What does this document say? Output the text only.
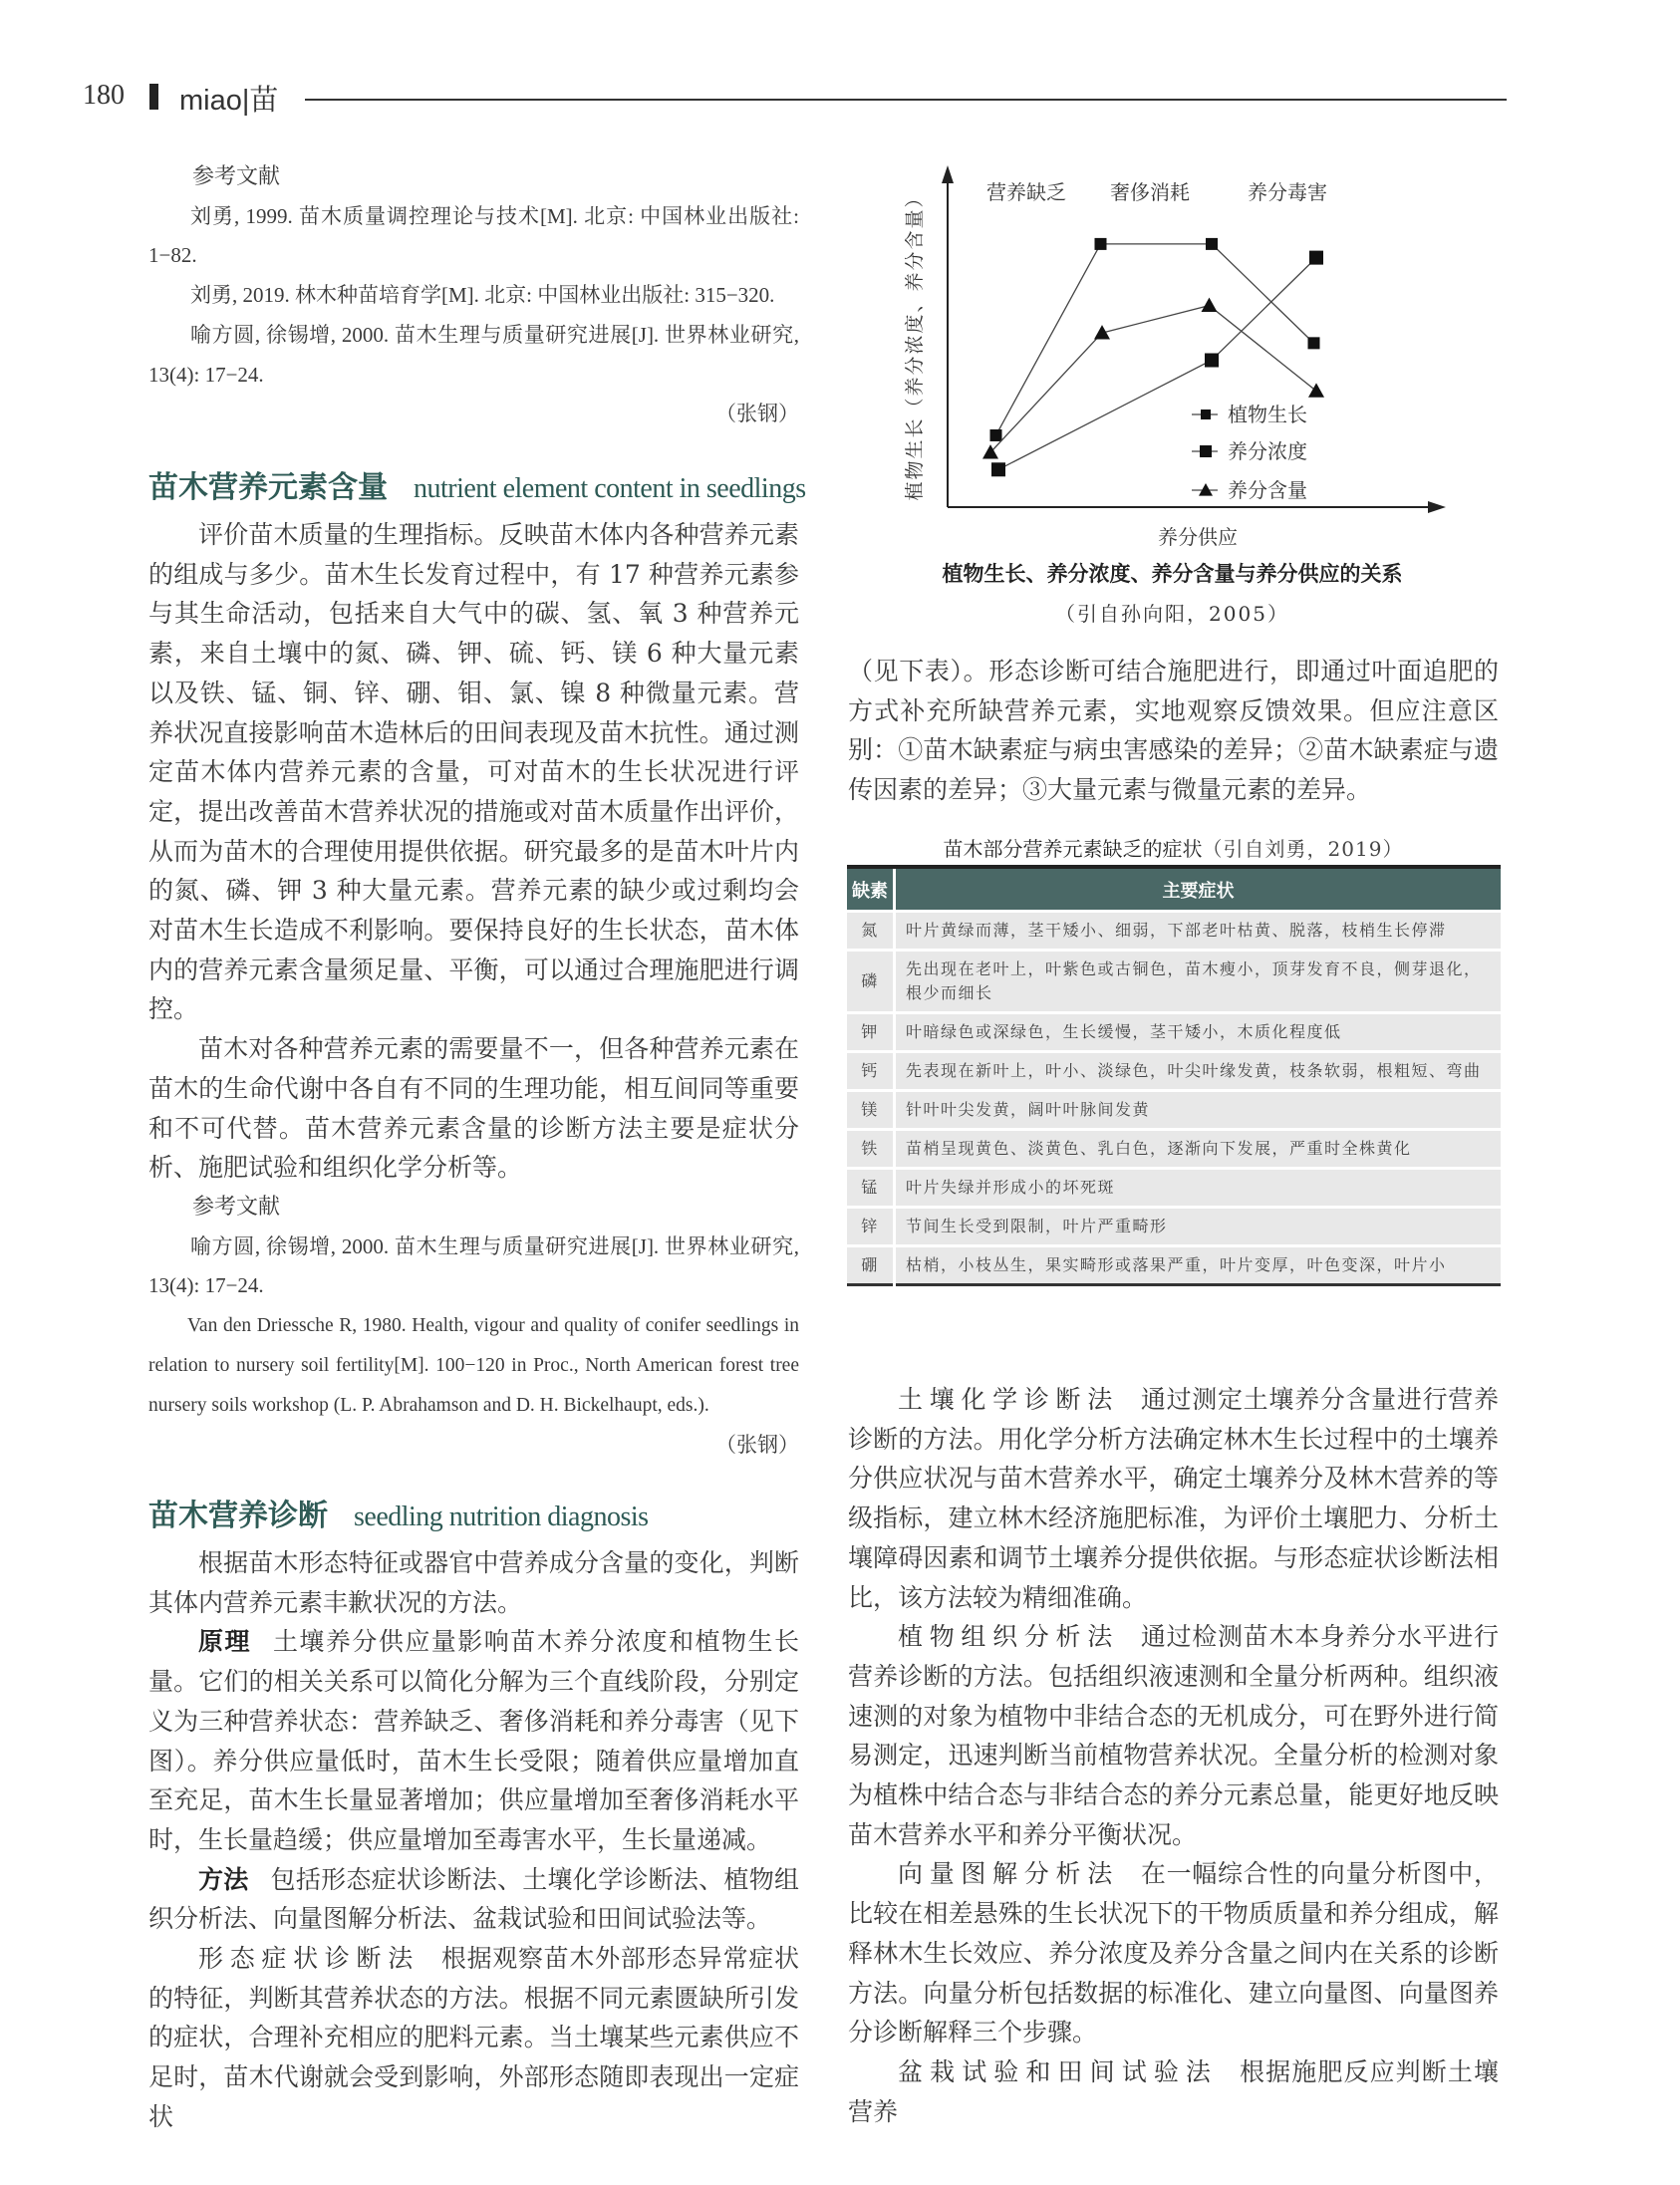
180 miao|苗

参考文献

刘勇, 1999. 苗木质量调控理论与技术[M]. 北京: 中国林业出版社: 1−82.

刘勇, 2019. 林木种苗培育学[M]. 北京: 中国林业出版社: 315−320.

喻方圆, 徐锡增, 2000. 苗木生理与质量研究进展[J]. 世界林业研究, 13(4): 17−24.

（张钢）

苗木营养元素含量 nutrient element content in seedlings

评价苗木质量的生理指标。反映苗木体内各种营养元素的组成与多少。苗木生长发育过程中，有 17 种营养元素参与其生命活动，包括来自大气中的碳、氢、氧 3 种营养元素，来自土壤中的氮、磷、钾、硫、钙、镁 6 种大量元素以及铁、锰、铜、锌、硼、钼、氯、镍 8 种微量元素。营养状况直接影响苗木造林后的田间表现及苗木抗性。通过测定苗木体内营养元素的含量，可对苗木的生长状况进行评定，提出改善苗木营养状况的措施或对苗木质量作出评价，从而为苗木的合理使用提供依据。研究最多的是苗木叶片内的氮、磷、钾 3 种大量元素。营养元素的缺少或过剩均会对苗木生长造成不利影响。要保持良好的生长状态，苗木体内的营养元素含量须足量、平衡，可以通过合理施肥进行调控。

苗木对各种营养元素的需要量不一，但各种营养元素在苗木的生命代谢中各自有不同的生理功能，相互间同等重要和不可代替。苗木营养元素含量的诊断方法主要是症状分析、施肥试验和组织化学分析等。

参考文献

喻方圆, 徐锡增, 2000. 苗木生理与质量研究进展[J]. 世界林业研究, 13(4): 17−24.

Van den Driessche R, 1980. Health, vigour and quality of conifer seedlings in relation to nursery soil fertility[M]. 100−120 in Proc., North American forest tree nursery soils workshop (L. P. Abrahamson and D. H. Bickelhaupt, eds.).

（张钢）

苗木营养诊断 seedling nutrition diagnosis

根据苗木形态特征或器官中营养成分含量的变化，判断其体内营养元素丰歉状况的方法。

原理 土壤养分供应量影响苗木养分浓度和植物生长量。它们的相关关系可以简化分解为三个直线阶段，分别定义为三种营养状态：营养缺乏、奢侈消耗和养分毒害（见下图）。养分供应量低时，苗木生长受限；随着供应量增加直至充足，苗木生长量显著增加；供应量增加至奢侈消耗水平时，生长量趋缓；供应量增加至毒害水平，生长量递减。

方法 包括形态症状诊断法、土壤化学诊断法、植物组织分析法、向量图解分析法、盆栽试验和田间试验法等。

形态症状诊断法 根据观察苗木外部形态异常症状的特征，判断其营养状态的方法。根据不同元素匮缺所引发的症状，合理补充相应的肥料元素。当土壤某些元素供应不足时，苗木代谢就会受到影响，外部形态随即表现出一定症状

营养缺乏 奢侈消耗	养分毒害
养分供应
植物生长（养分浓度、养分含量）	植物生长
养分浓度
养分含量
植物生长、养分浓度、养分含量与养分供应的关系
（引自孙向阳，2005）

（见下表）。形态诊断可结合施肥进行，即通过叶面追肥的方式补充所缺营养元素，实地观察反馈效果。但应注意区别：①苗木缺素症与病虫害感染的差异；②苗木缺素症与遗传因素的差异；③大量元素与微量元素的差异。

苗木部分营养元素缺乏的症状（引自刘勇，2019）
缺素	主要症状
氮	叶片黄绿而薄，茎干矮小、细弱，下部老叶枯黄、脱落，枝梢生长停滞
磷	先出现在老叶上，叶紫色或古铜色，苗木瘦小，顶芽发育不良，侧芽退化，根少而细长
钾	叶暗绿色或深绿色，生长缓慢，茎干矮小，木质化程度低
钙	先表现在新叶上，叶小、淡绿色，叶尖叶缘发黄，枝条软弱，根粗短、弯曲
镁	针叶叶尖发黄，阔叶叶脉间发黄
铁	苗梢呈现黄色、淡黄色、乳白色，逐渐向下发展，严重时全株黄化
锰	叶片失绿并形成小的坏死斑
锌	节间生长受到限制，叶片严重畸形
硼	枯梢，小枝丛生，果实畸形或落果严重，叶片变厚，叶色变深，叶片小

土壤化学诊断法 通过测定土壤养分含量进行营养诊断的方法。用化学分析方法确定林木生长过程中的土壤养分供应状况与苗木营养水平，确定土壤养分及林木营养的等级指标，建立林木经济施肥标准，为评价土壤肥力、分析土壤障碍因素和调节土壤养分提供依据。与形态症状诊断法相比，该方法较为精细准确。

植物组织分析法 通过检测苗木本身养分水平进行营养诊断的方法。包括组织液速测和全量分析两种。组织液速测的对象为植物中非结合态的无机成分，可在野外进行简易测定，迅速判断当前植物营养状况。全量分析的检测对象为植株中结合态与非结合态的养分元素总量，能更好地反映苗木营养水平和养分平衡状况。

向量图解分析法 在一幅综合性的向量分析图中，比较在相差悬殊的生长状况下的干物质质量和养分组成，解释林木生长效应、养分浓度及养分含量之间内在关系的诊断方法。向量分析包括数据的标准化、建立向量图、向量图养分诊断解释三个步骤。

盆栽试验和田间试验法 根据施肥反应判断土壤营养
